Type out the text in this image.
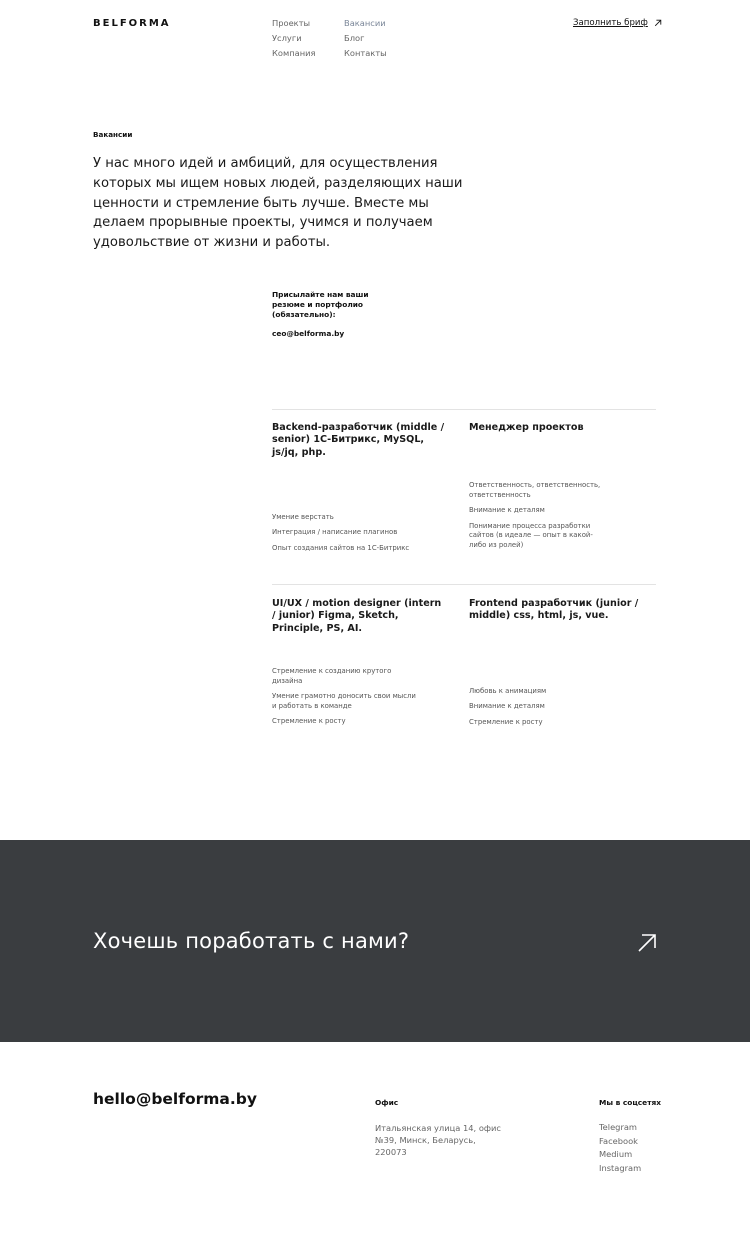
BELFORMA	Проекты	Вакансии
Услуги	Блог
Компания	Контакты
Заполнить бриф
Вакансии

У нас много идей и амбиций, для осуществления которых мы ищем новых людей, разделяющих наши ценности и стремление быть лучше. Вместе мы делаем прорывные проекты, учимся и получаем удовольствие от жизни и работы.

Присылайте нам ваши резюме и портфолио (обязательно):
ceo@belforma.by
Backend-разработчик (middle / senior) 1С-Битрикс, MySQL, js/jq, php.
Умение верстать
Интеграция / написание плагинов
Опыт создания сайтов на 1С-Битрикс
Менеджер проектов
Ответственность, ответственность, ответственность
Внимание к деталям
Понимание процесса разработки сайтов (в идеале — опыт в какой-либо из ролей)
UI/UX / motion designer (intern / junior) Figma, Sketch, Principle, PS, AI.
Стремление к созданию крутого дизайна
Умение грамотно доносить свои мысли и работать в команде
Стремление к росту
Frontend разработчик (junior / middle) css, html, js, vue.
Любовь к анимациям
Внимание к деталям
Стремление к росту
Хочешь поработать с нами?
hello@belforma.by	Офис
Итальянская улица 14, офис №39, Минск, Беларусь, 220073
Мы в соцсетях
Telegram
Facebook
Medium
Instagram
